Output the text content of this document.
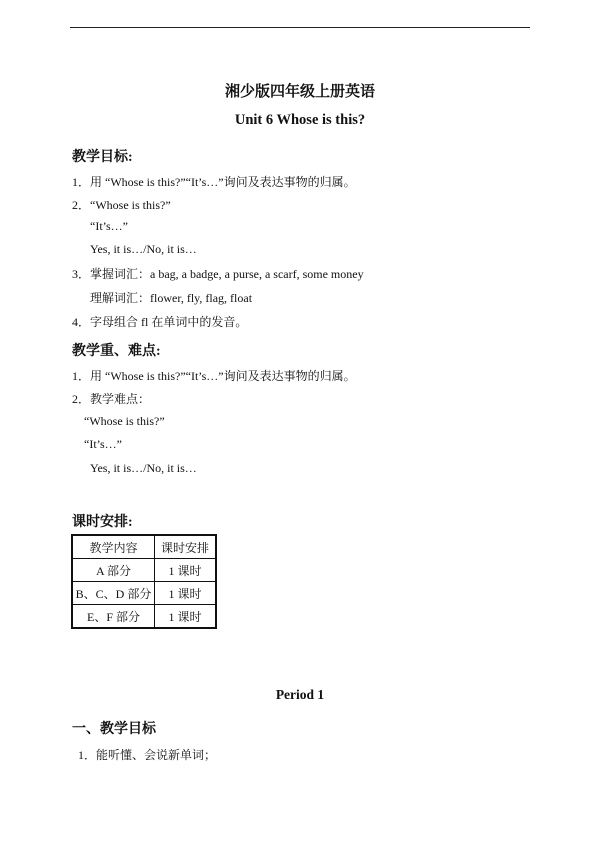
湘少版四年级上册英语
Unit 6 Whose is this?
教学目标:
1．用 “Whose is this?”“It’s…”询问及表达事物的归属。
2．“Whose is this?”
“It’s…”
Yes, it is…/No, it is…
3．掌握词汇：a bag, a badge, a purse, a scarf, some money
理解词汇：flower, fly, flag, float
4．字母组合 fl 在单词中的发音。
教学重、难点:
1．用 “Whose is this?”“It’s…”询问及表达事物的归属。
2．教学难点：
“Whose is this?”
“It’s…”
Yes, it is…/No, it is…
课时安排:
教学内容	课时安排
A 部分	1 课时
B、C、D 部分	1 课时
E、F 部分	1 课时
Period 1
一、教学目标
1．能听懂、会说新单词；
